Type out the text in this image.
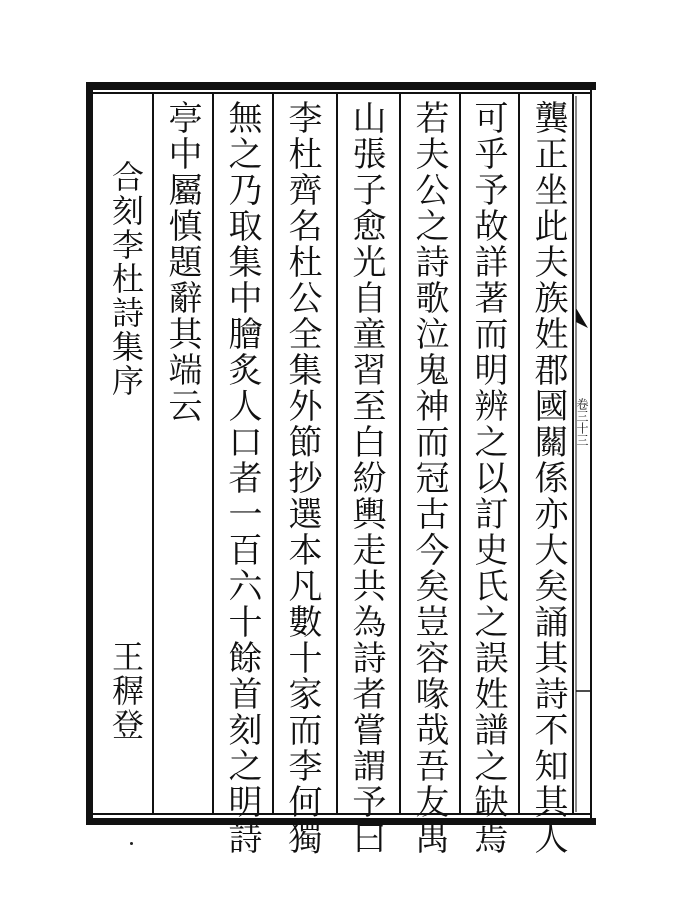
卷三十三
龔正坐此夫族姓郡國關係亦大矣誦其詩不知其人
可乎予故詳著而明辨之以訂史氏之誤姓譜之缺焉
若夫公之詩歌泣鬼神而冠古今矣豈容喙哉吾友禺
山張子愈光自童習至白紛輿走共為詩者嘗謂予曰
李杜齊名杜公全集外節抄選本凡數十家而李何獨
無之乃取集中膾炙人口者一百六十餘首刻之明詩
亭中屬慎題辭其端云
合刻李杜詩集序
王稺登
